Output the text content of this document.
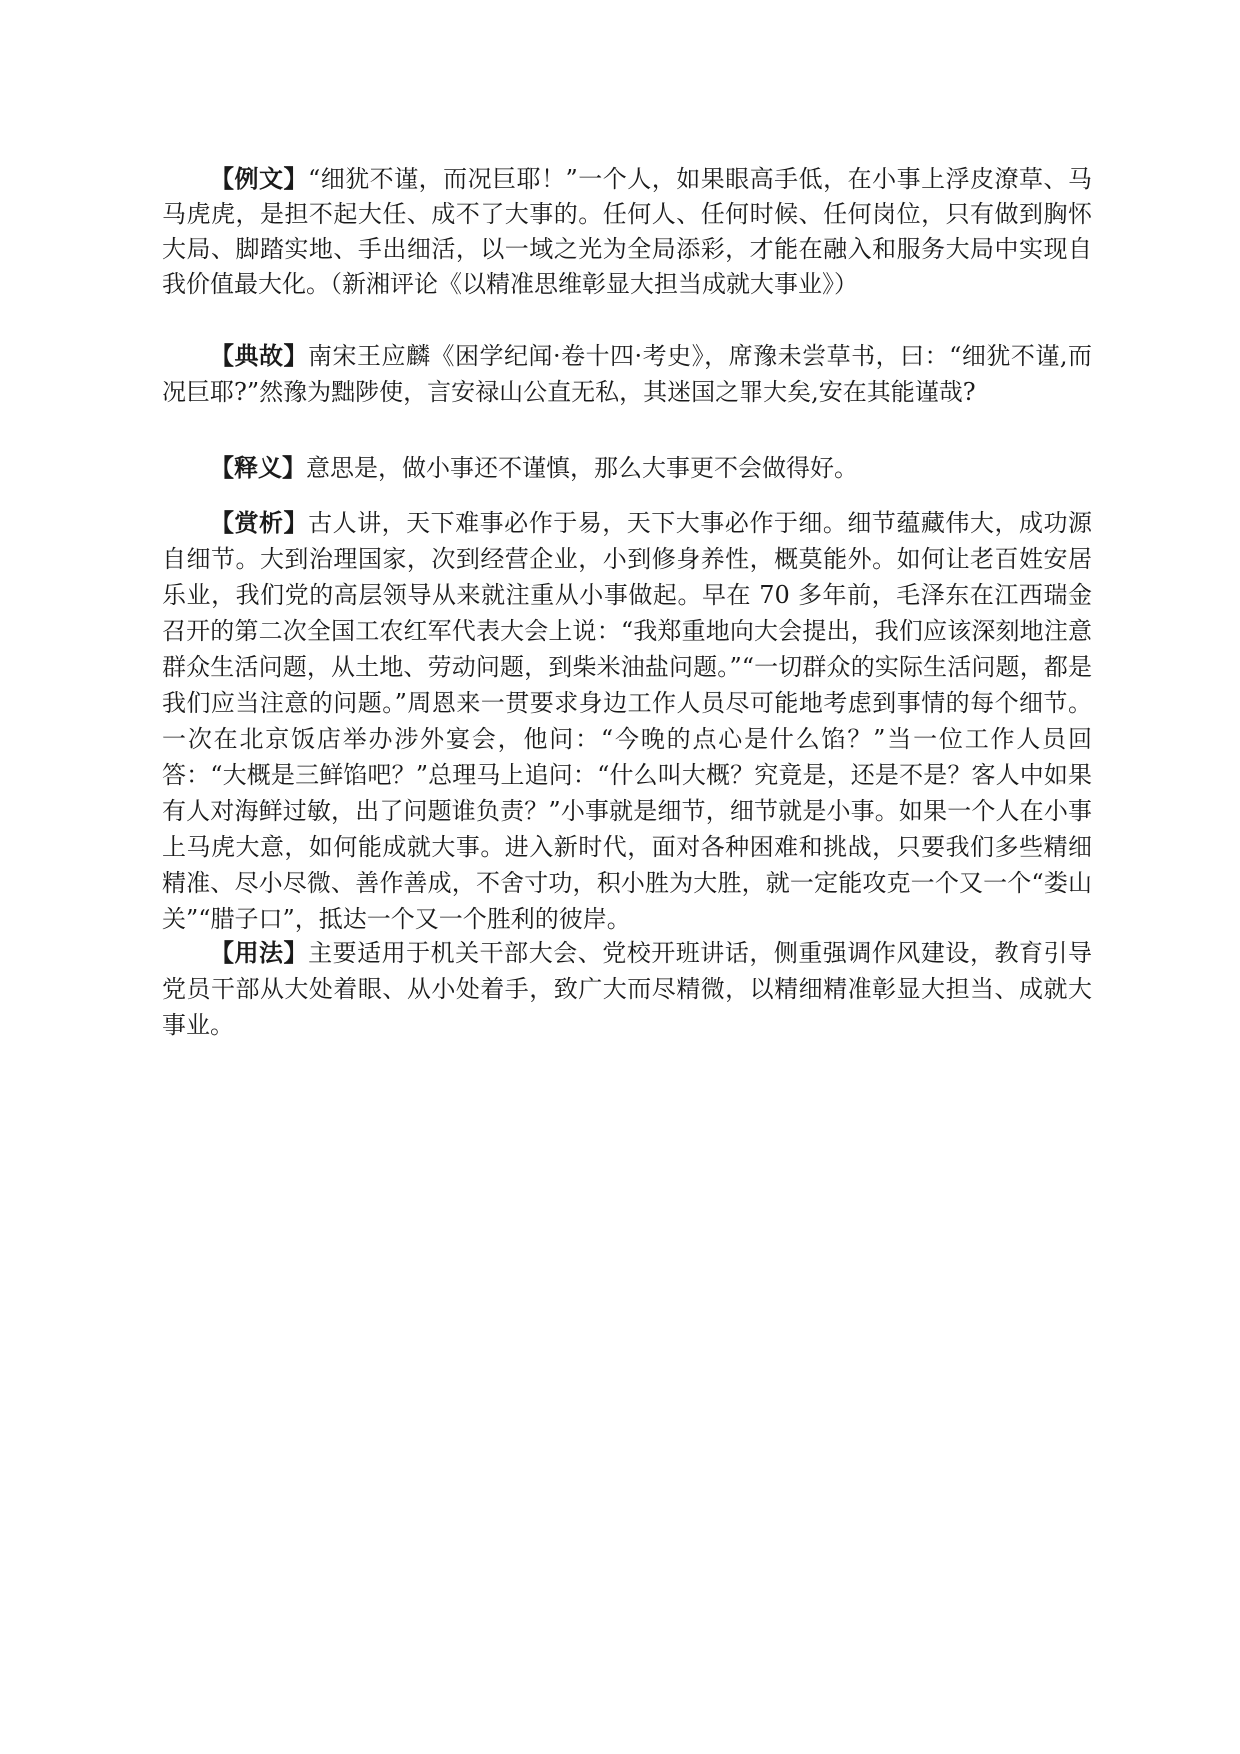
【例文】“细犹不谨，而况巨耶！”一个人，如果眼高手低，在小事上浮皮潦草、马马虎虎，是担不起大任、成不了大事的。任何人、任何时候、任何岗位，只有做到胸怀大局、脚踏实地、手出细活，以一域之光为全局添彩，才能在融入和服务大局中实现自我价值最大化。（新湘评论《以精准思维彰显大担当成就大事业》）

【典故】南宋王应麟《困学纪闻·卷十四·考史》，席豫未尝草书，曰：“细犹不谨,而况巨耶?”然豫为黜陟使，言安禄山公直无私，其迷国之罪大矣,安在其能谨哉?

【释义】意思是，做小事还不谨慎，那么大事更不会做得好。

【赏析】古人讲，天下难事必作于易，天下大事必作于细。细节蕴藏伟大，成功源自细节。大到治理国家，次到经营企业，小到修身养性，概莫能外。如何让老百姓安居乐业，我们党的高层领导从来就注重从小事做起。早在 70 多年前，毛泽东在江西瑞金召开的第二次全国工农红军代表大会上说：“我郑重地向大会提出，我们应该深刻地注意群众生活问题，从土地、劳动问题，到柴米油盐问题。”“一切群众的实际生活问题，都是我们应当注意的问题。”周恩来一贯要求身边工作人员尽可能地考虑到事情的每个细节。一次在北京饭店举办涉外宴会，他问：“今晚的点心是什么馅？”当一位工作人员回答：“大概是三鲜馅吧？”总理马上追问：“什么叫大概？究竟是，还是不是？客人中如果有人对海鲜过敏，出了问题谁负责？”小事就是细节，细节就是小事。如果一个人在小事上马虎大意，如何能成就大事。进入新时代，面对各种困难和挑战，只要我们多些精细精准、尽小尽微、善作善成，不舍寸功，积小胜为大胜，就一定能攻克一个又一个“娄山关”“腊子口”，抵达一个又一个胜利的彼岸。

【用法】主要适用于机关干部大会、党校开班讲话，侧重强调作风建设，教育引导党员干部从大处着眼、从小处着手，致广大而尽精微，以精细精准彰显大担当、成就大事业。
